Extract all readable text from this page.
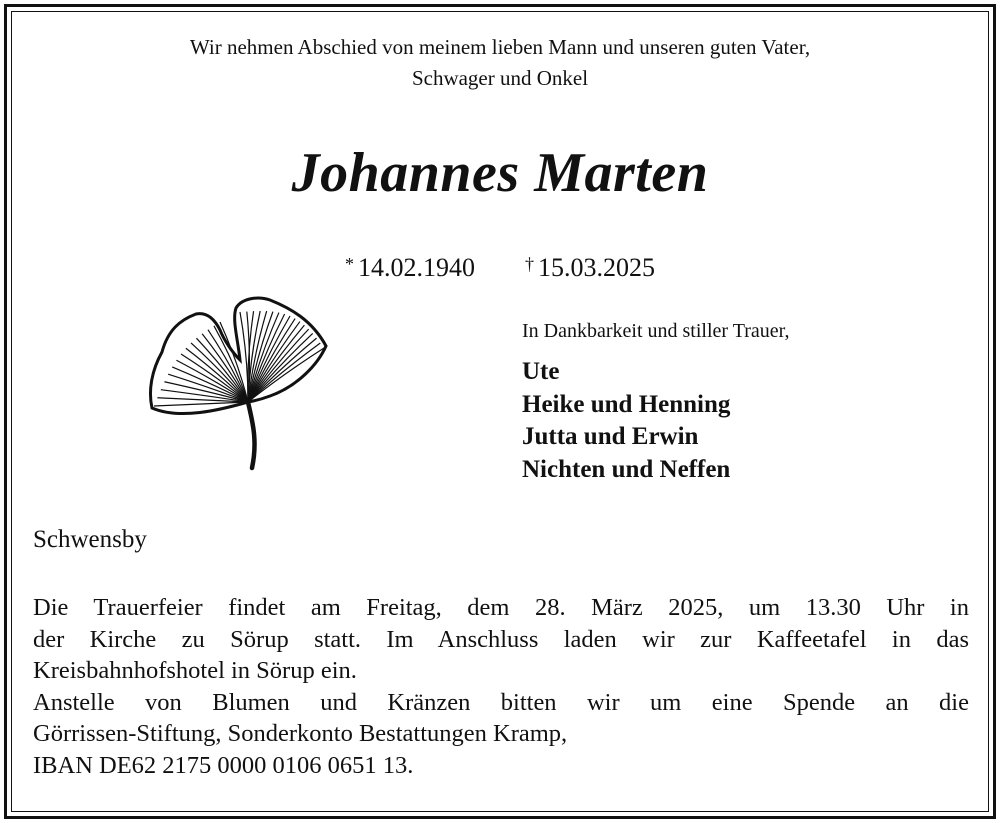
Wir nehmen Abschied von meinem lieben Mann und unseren guten Vater,
Schwager und Onkel
Johannes Marten
* 14.02.1940	† 15.03.2025
In Dankbarkeit und stiller Trauer,
Ute
Heike und Henning
Jutta und Erwin
Nichten und Neffen
Schwensby
Die Trauerfeier findet am Freitag, dem 28. März 2025, um 13.30 Uhr in
der Kirche zu Sörup statt. Im Anschluss laden wir zur Kaffeetafel in das
Kreisbahnhofshotel in Sörup ein.
Anstelle von Blumen und Kränzen bitten wir um eine Spende an die
Görrissen-Stiftung, Sonderkonto Bestattungen Kramp,
IBAN DE62 2175 0000 0106 0651 13.
